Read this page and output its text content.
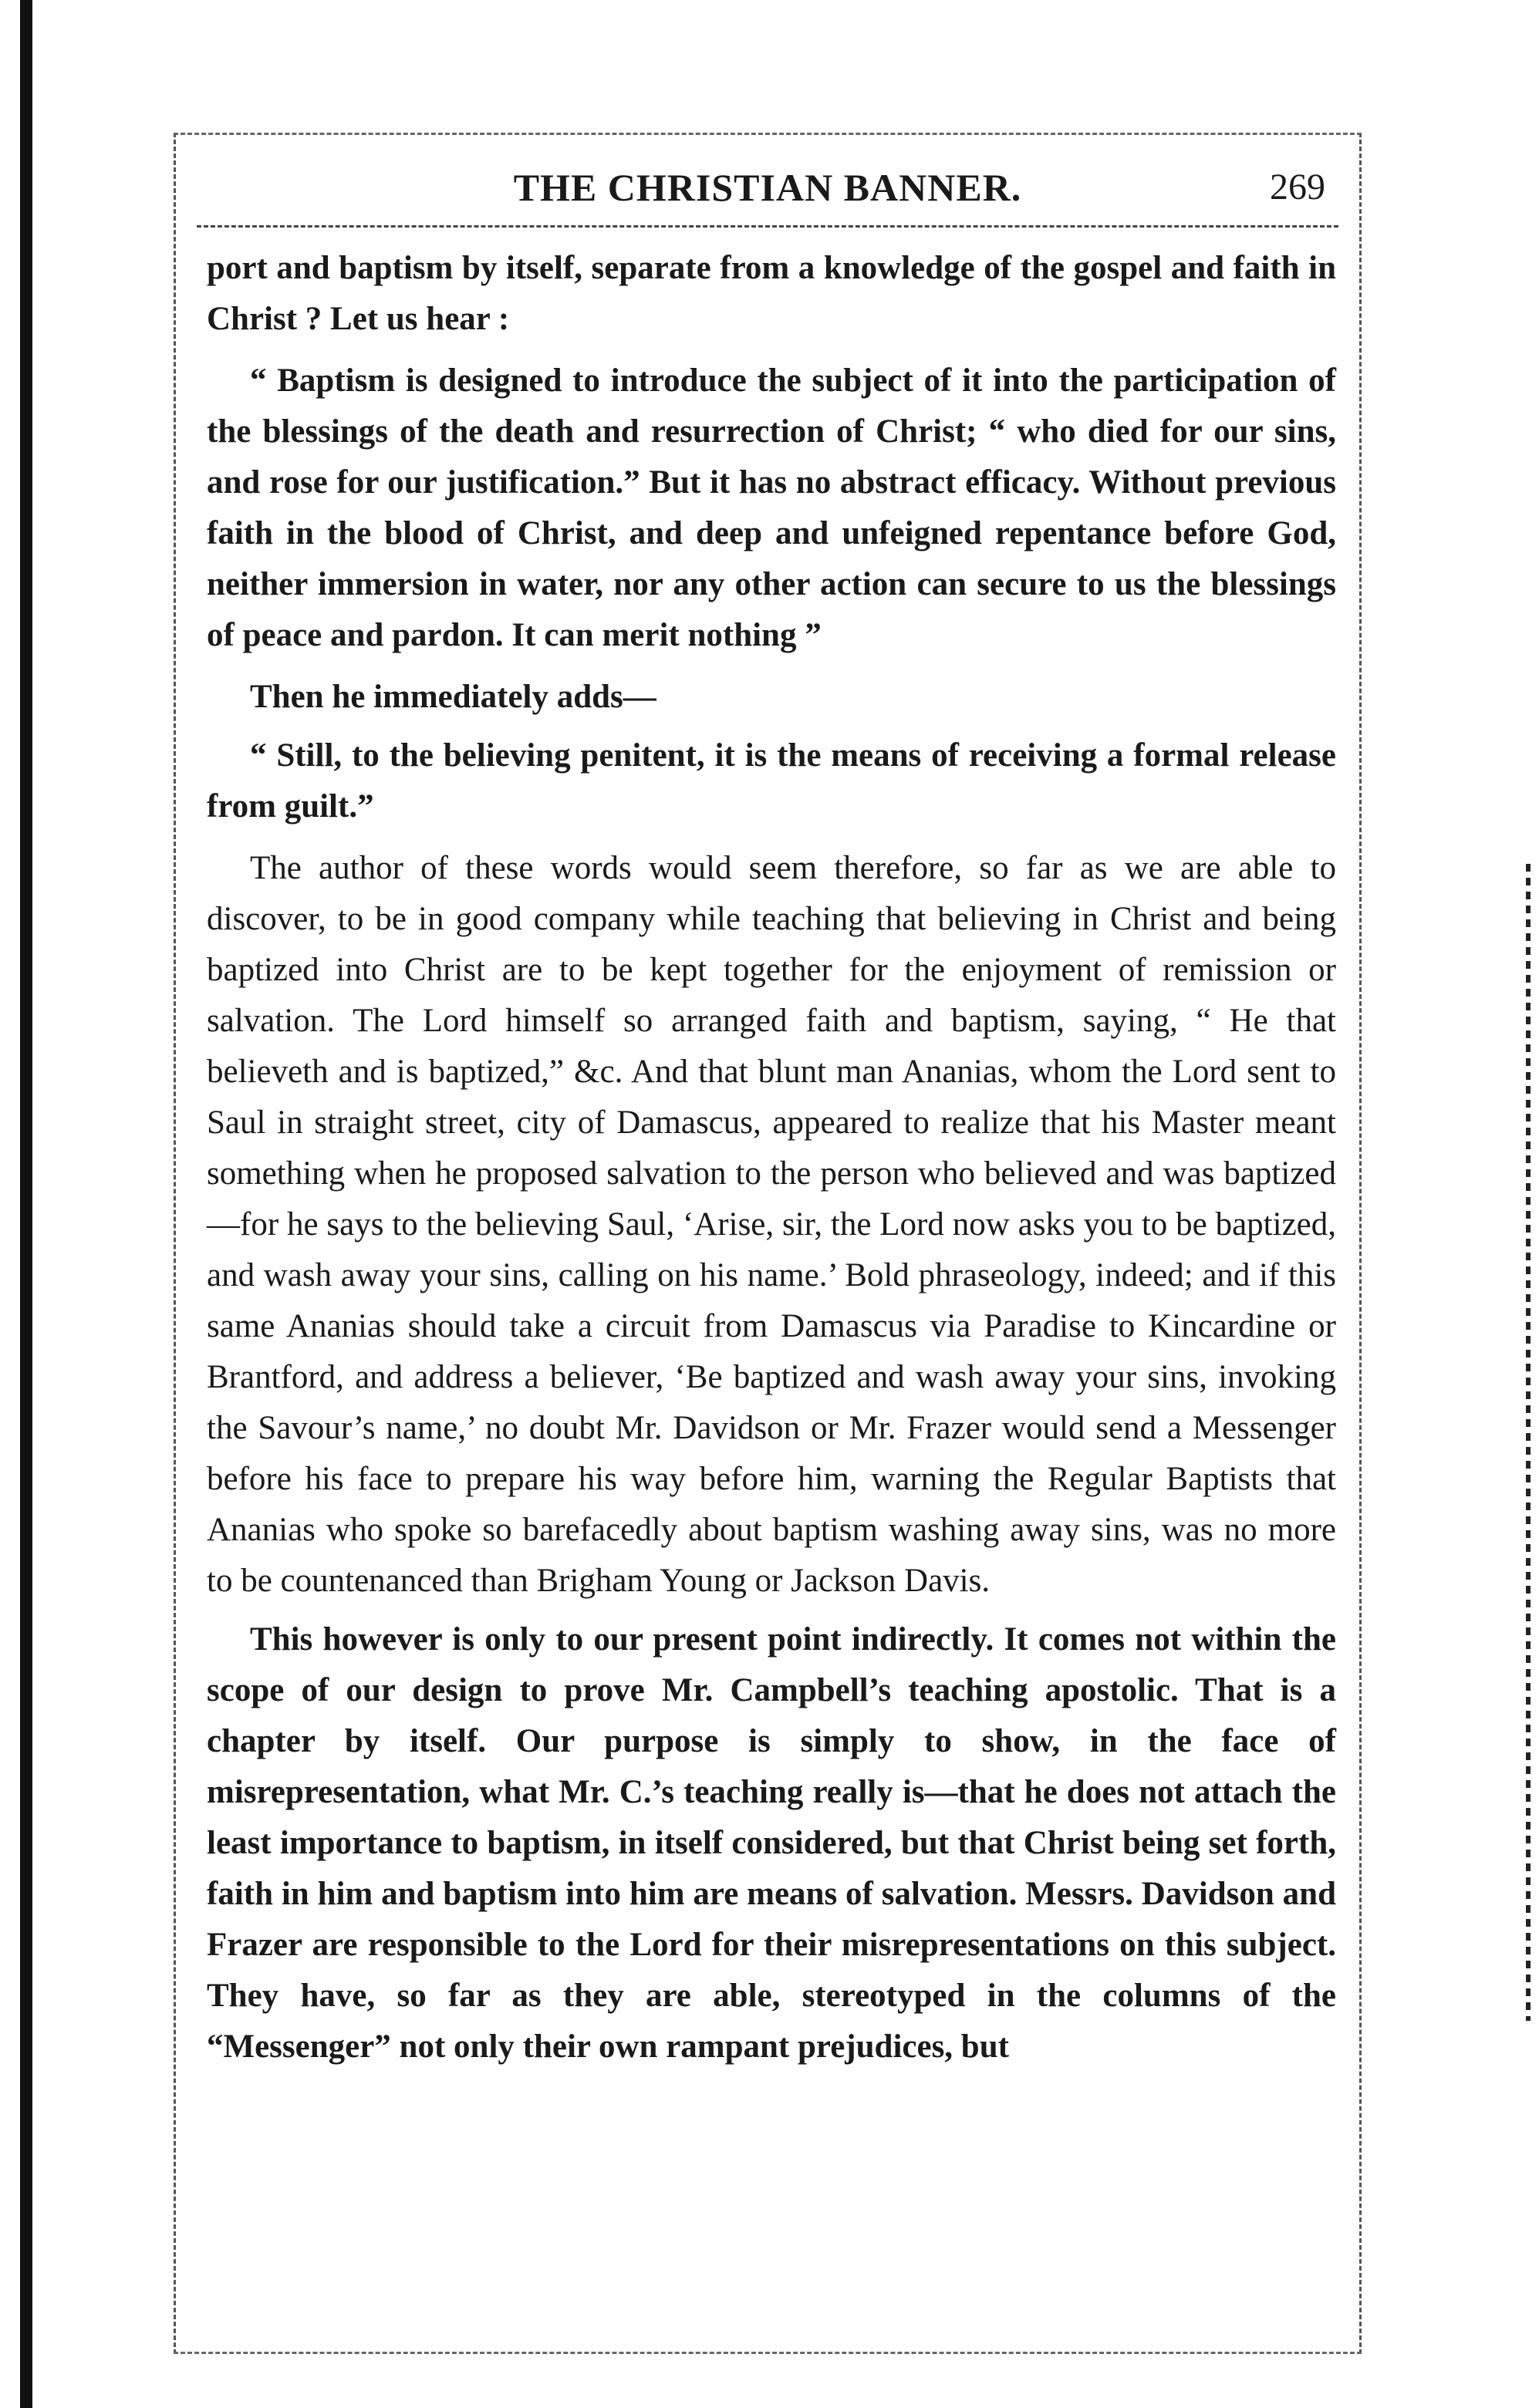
THE CHRISTIAN BANNER.	269

port and baptism by itself, separate from a knowledge of the gospel and faith in Christ ? Let us hear :

“ Baptism is designed to introduce the subject of it into the participation of the blessings of the death and resurrection of Christ; “ who died for our sins, and rose for our justification.” But it has no abstract efficacy. Without previous faith in the blood of Christ, and deep and unfeigned repentance before God, neither immersion in water, nor any other action can secure to us the blessings of peace and pardon. It can merit nothing ”

Then he immediately adds—

“ Still, to the believing penitent, it is the means of receiving a formal release from guilt.”

The author of these words would seem therefore, so far as we are able to discover, to be in good company while teaching that believing in Christ and being baptized into Christ are to be kept together for the enjoyment of remission or salvation. The Lord himself so arranged faith and baptism, saying, “ He that believeth and is baptized,” &c. And that blunt man Ananias, whom the Lord sent to Saul in straight street, city of Damascus, appeared to realize that his Master meant something when he proposed salvation to the person who believed and was baptized—for he says to the believing Saul, ‘Arise, sir, the Lord now asks you to be baptized, and wash away your sins, calling on his name.’ Bold phraseology, indeed; and if this same Ananias should take a circuit from Damascus via Paradise to Kincardine or Brantford, and address a believer, ‘Be baptized and wash away your sins, invoking the Savour’s name,’ no doubt Mr. Davidson or Mr. Frazer would send a Messenger before his face to prepare his way before him, warning the Regular Baptists that Ananias who spoke so barefacedly about baptism washing away sins, was no more to be countenanced than Brigham Young or Jackson Davis.

This however is only to our present point indirectly. It comes not within the scope of our design to prove Mr. Campbell’s teaching apostolic. That is a chapter by itself. Our purpose is simply to show, in the face of misrepresentation, what Mr. C.’s teaching really is—that he does not attach the least importance to baptism, in itself considered, but that Christ being set forth, faith in him and baptism into him are means of salvation. Messrs. Davidson and Frazer are responsible to the Lord for their misrepresentations on this subject. They have, so far as they are able, stereotyped in the columns of the “Messenger” not only their own rampant prejudices, but
